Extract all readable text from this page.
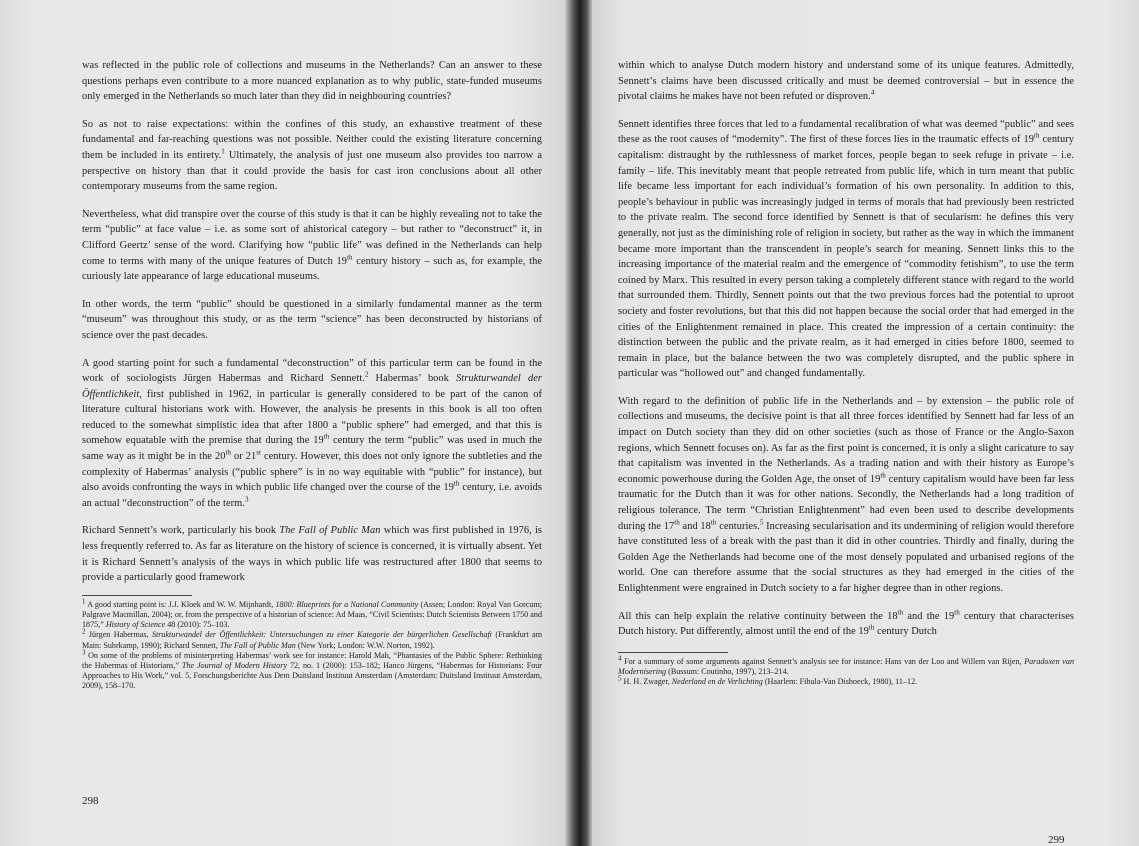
was reflected in the public role of collections and museums in the Netherlands? Can an answer to these questions perhaps even contribute to a more nuanced explanation as to why public, state-funded museums only emerged in the Netherlands so much later than they did in neighbouring countries?

So as not to raise expectations: within the confines of this study, an exhaustive treatment of these fundamental and far-reaching questions was not possible. Neither could the existing literature concerning them be included in its entirety.$^1$ Ultimately, the analysis of just one museum also provides too narrow a perspective on history than that it could provide the basis for cast iron conclusions about all other contemporary museums from the same region.

Nevertheless, what did transpire over the course of this study is that it can be highly revealing not to take the term “public” at face value – i.e. as some sort of ahistorical category – but rather to “deconstruct” it, in Clifford Geertz’ sense of the word. Clarifying how “public life” was defined in the Netherlands can help come to terms with many of the unique features of Dutch 19th century history – such as, for example, the curiously late appearance of large educational museums.

In other words, the term “public” should be questioned in a similarly fundamental manner as the term “museum” was throughout this study, or as the term “science” has been deconstructed by historians of science over the past decades.

A good starting point for such a fundamental “deconstruction” of this particular term can be found in the work of sociologists Jürgen Habermas and Richard Sennett.$^2$ Habermas’ book Strukturwandel der Öffentlichkeit, first published in 1962, in particular is generally considered to be part of the canon of literature cultural historians work with. However, the analysis he presents in this book is all too often reduced to the somewhat simplistic idea that after 1800 a “public sphere” had emerged, and that this is somehow equatable with the premise that during the 19th century the term “public” was used in much the same way as it might be in the 20th or 21st century. However, this does not only ignore the subtleties and the complexity of Habermas’ analysis (“public sphere” is in no way equitable with “public” for instance), but also avoids confronting the ways in which public life changed over the course of the 19th century, i.e. avoids an actual “deconstruction” of the term.$^3$

Richard Sennett’s work, particularly his book The Fall of Public Man which was first published in 1976, is less frequently referred to. As far as literature on the history of science is concerned, it is virtually absent. Yet it is Richard Sennett’s analysis of the ways in which public life was restructured after 1800 that seems to provide a particularly good framework

$^1$ A good starting point is: J.J. Kloek and W. W. Mijnhardt, 1800: Blueprints for a National Community (Assen; London: Royal Van Gorcum; Palgrave Macmillan, 2004); or, from the perspective of a historian of science: Ad Maas, “Civil Scientists: Dutch Scientists Between 1750 and 1875,” History of Science 48 (2010): 75–103.

$^2$ Jürgen Habermas, Strukturwandel der Öffentlichkeit: Untersuchungen zu einer Kategorie der bürgerlichen Gesellschaft (Frankfurt am Main: Suhrkamp, 1990); Richard Sennett, The Fall of Public Man (New York; London: W.W. Norton, 1992).

$^3$ On some of the problems of misinterpreting Habermas’ work see for instance: Harold Mah, “Phantasies of the Public Sphere: Rethinking the Habermas of Historians,” The Journal of Modern History 72, no. 1 (2000): 153–182; Hanco Jürgens, “Habermas for Historians: Four Approaches to His Work,” vol. 5, Forschungsberichte Aus Dem Duitsland Instituut Amsterdam (Amsterdam: Duitsland Instituut Amsterdam, 2009), 158–170.

298

within which to analyse Dutch modern history and understand some of its unique features. Admittedly, Sennett’s claims have been discussed critically and must be deemed controversial – but in essence the pivotal claims he makes have not been refuted or disproven.$^4$

Sennett identifies three forces that led to a fundamental recalibration of what was deemed “public” and sees these as the root causes of “modernity”. The first of these forces lies in the traumatic effects of 19th century capitalism: distraught by the ruthlessness of market forces, people began to seek refuge in private – i.e. family – life. This inevitably meant that people retreated from public life, which in turn meant that public life became less important for each individual’s formation of his own personality. In addition to this, people’s behaviour in public was increasingly judged in terms of morals that had previously been restricted to the private realm. The second force identified by Sennett is that of secularism: he defines this very generally, not just as the diminishing role of religion in society, but rather as the way in which the immanent became more important than the transcendent in people’s search for meaning. Sennett links this to the increasing importance of the material realm and the emergence of “commodity fetishism”, to use the term coined by Marx. This resulted in every person taking a completely different stance with regard to the world that surrounded them. Thirdly, Sennett points out that the two previous forces had the potential to uproot society and foster revolutions, but that this did not happen because the social order that had emerged in the cities of the Enlightenment remained in place. This created the impression of a certain continuity: the distinction between the public and the private realm, as it had emerged in cities before 1800, seemed to remain in place, but the balance between the two was completely disrupted, and the public sphere in particular was “hollowed out” and changed fundamentally.

With regard to the definition of public life in the Netherlands and – by extension – the public role of collections and museums, the decisive point is that all three forces identified by Sennett had far less of an impact on Dutch society than they did on other societies (such as those of France or the Anglo-Saxon regions, which Sennett focuses on). As far as the first point is concerned, it is only a slight caricature to say that capitalism was invented in the Netherlands. As a trading nation and with their history as Europe’s economic powerhouse during the Golden Age, the onset of 19th century capitalism would have been far less traumatic for the Dutch than it was for other nations. Secondly, the Netherlands had a long tradition of religious tolerance. The term “Christian Enlightenment” had even been used to describe developments during the 17th and 18th centuries.$^5$ Increasing secularisation and its undermining of religion would therefore have constituted less of a break with the past than it did in other countries. Thirdly and finally, during the Golden Age the Netherlands had become one of the most densely populated and urbanised regions of the world. One can therefore assume that the social structures as they had emerged in the cities of the Enlightenment were engrained in Dutch society to a far higher degree than in other regions.

All this can help explain the relative continuity between the 18th and the 19th century that characterises Dutch history. Put differently, almost until the end of the 19th century Dutch

$^4$ For a summary of some arguments against Sennett’s analysis see for instance: Hans van der Loo and Willem van Rijen, Paradoxen van Modernisering (Bussum: Coutinho, 1997), 213–214.

$^5$ H. H. Zwager, Nederland en de Verlichting (Haarlem: Fibula-Van Dishoeck, 1980), 11–12.

299
